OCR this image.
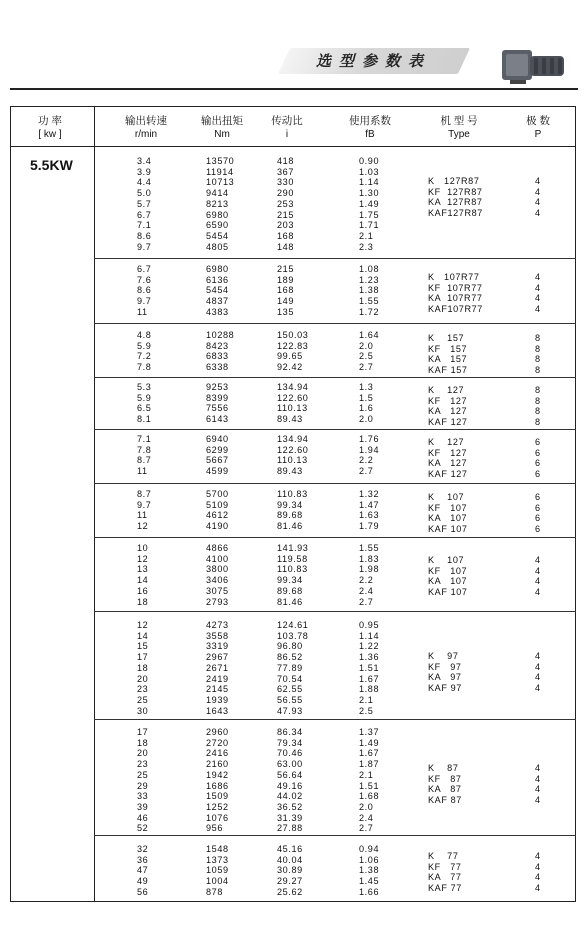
选型参数表
功 率
[ kw ]
输出转速
r/min
输出扭矩
Nm
传动比
i
使用系数
fB
机 型 号
Type
极 数
P
5.5KW	3.4
3.9
4.4
5.0
5.7
6.7
7.1
8.6
9.7
13570
11914
10713
9414
8213
6980
6590
5454
4805
418
367
330
290
253
215
203
168
148
0.90
1.03
1.14
1.30
1.49
1.75
1.71
2.1
2.3
K   127R87
KF  127R87
KA  127R87
KAF127R87
4
4
4
4
6.7
7.6
8.6
9.7
11
6980
6136
5454
4837
4383
215
189
168
149
135
1.08
1.23
1.38
1.55
1.72
K   107R77
KF  107R77
KA  107R77
KAF107R77
4
4
4
4
4.8
5.9
7.2
7.8
10288
8423
6833
6338
150.03
122.83
99.65
92.42
1.64
2.0
2.5
2.7
K    157
KF   157
KA   157
KAF 157
8
8
8
8
5.3
5.9
6.5
8.1
9253
8399
7556
6143
134.94
122.60
110.13
89.43
1.3
1.5
1.6
2.0
K    127
KF   127
KA   127
KAF 127
8
8
8
8
7.1
7.8
8.7
11
6940
6299
5667
4599
134.94
122.60
110.13
89.43
1.76
1.94
2.2
2.7
K    127
KF   127
KA   127
KAF 127
6
6
6
6
8.7
9.7
11
12
5700
5109
4612
4190
110.83
99.34
89.68
81.46
1.32
1.47
1.63
1.79
K    107
KF   107
KA   107
KAF 107
6
6
6
6
10
12
13
14
16
18
4866
4100
3800
3406
3075
2793
141.93
119.58
110.83
99.34
89.68
81.46
1.55
1.83
1.98
2.2
2.4
2.7
K    107
KF   107
KA   107
KAF 107
4
4
4
4
12
14
15
17
18
20
23
25
30
4273
3558
3319
2967
2671
2419
2145
1939
1643
124.61
103.78
96.80
86.52
77.89
70.54
62.55
56.55
47.93
0.95
1.14
1.22
1.36
1.51
1.67
1.88
2.1
2.5
K    97
KF   97
KA   97
KAF 97
4
4
4
4
17
18
20
23
25
29
33
39
46
52
2960
2720
2416
2160
1942
1686
1509
1252
1076
956
86.34
79.34
70.46
63.00
56.64
49.16
44.02
36.52
31.39
27.88
1.37
1.49
1.67
1.87
2.1
1.51
1.68
2.0
2.4
2.7
K    87
KF   87
KA   87
KAF 87
4
4
4
4
32
36
47
49
56
1548
1373
1059
1004
878
45.16
40.04
30.89
29.27
25.62
0.94
1.06
1.38
1.45
1.66
K    77
KF   77
KA   77
KAF 77
4
4
4
4
